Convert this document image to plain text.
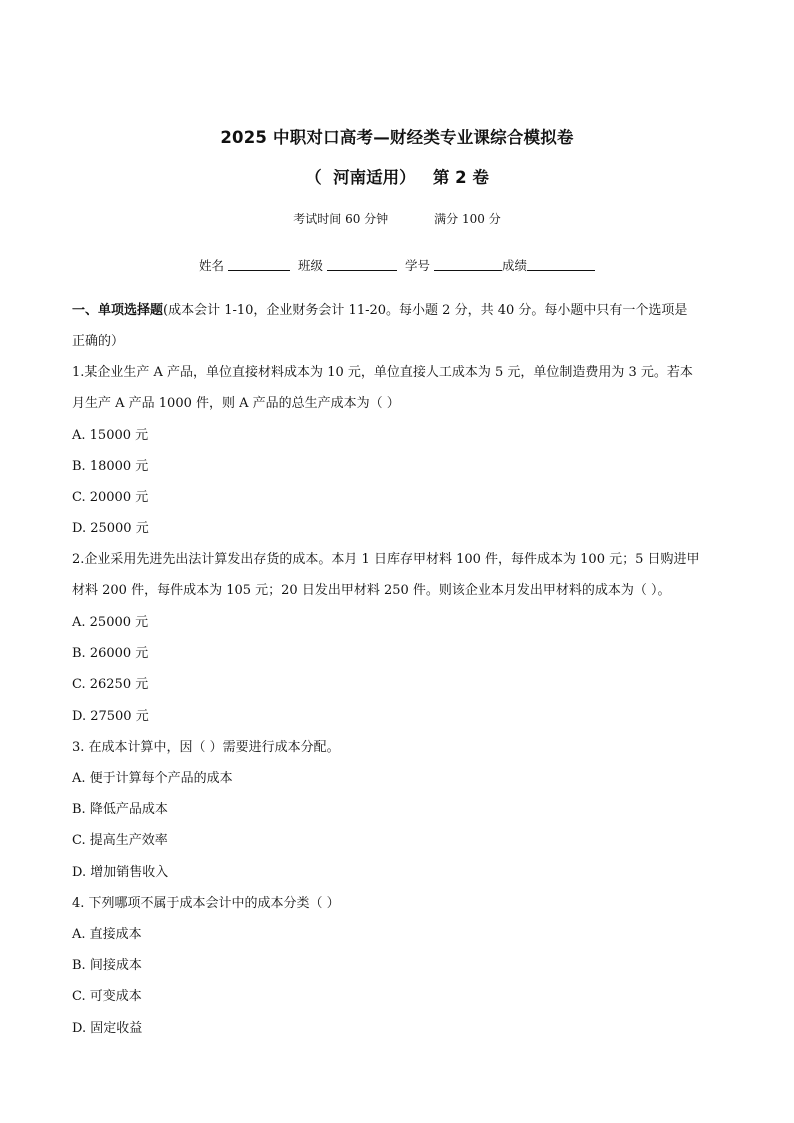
2025 中职对口高考—财经类专业课综合模拟卷
（  河南适用）   第 2 卷
考试时间 60 分钟	满分 100 分
姓名	班级	学号	成绩
一、单项选择题(成本会计 1-10，企业财务会计 11-20。每小题 2 分，共 40 分。每小题中只有一个选项是
正确的）
1.某企业生产 A 产品，单位直接材料成本为 10 元，单位直接人工成本为 5 元，单位制造费用为 3 元。若本
月生产 A 产品 1000 件，则 A 产品的总生产成本为（ ）
A. 15000 元
B. 18000 元
C. 20000 元
D. 25000 元
2.企业采用先进先出法计算发出存货的成本。本月 1 日库存甲材料 100 件，每件成本为 100 元；5 日购进甲
材料 200 件，每件成本为 105 元；20 日发出甲材料 250 件。则该企业本月发出甲材料的成本为（ ）。
A. 25000 元
B. 26000 元
C. 26250 元
D. 27500 元
3. 在成本计算中，因（ ）需要进行成本分配。
A. 便于计算每个产品的成本
B. 降低产品成本
C. 提高生产效率
D. 增加销售收入
4. 下列哪项不属于成本会计中的成本分类（ ）
A. 直接成本
B. 间接成本
C. 可变成本
D. 固定收益
